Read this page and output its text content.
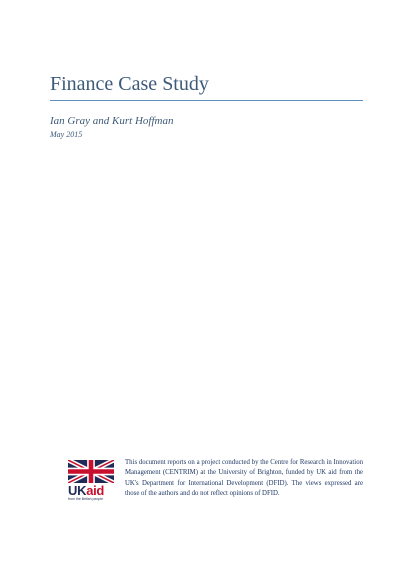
Finance Case Study
Ian Gray and Kurt Hoffman
May 2015
UKaid
from the British people

This document reports on a project conducted by the Centre for Research in Innovation Management (CENTRIM) at the University of Brighton, funded by UK aid from the UK's Department for International Development (DFID). The views expressed are those of the authors and do not reflect opinions of DFID.
